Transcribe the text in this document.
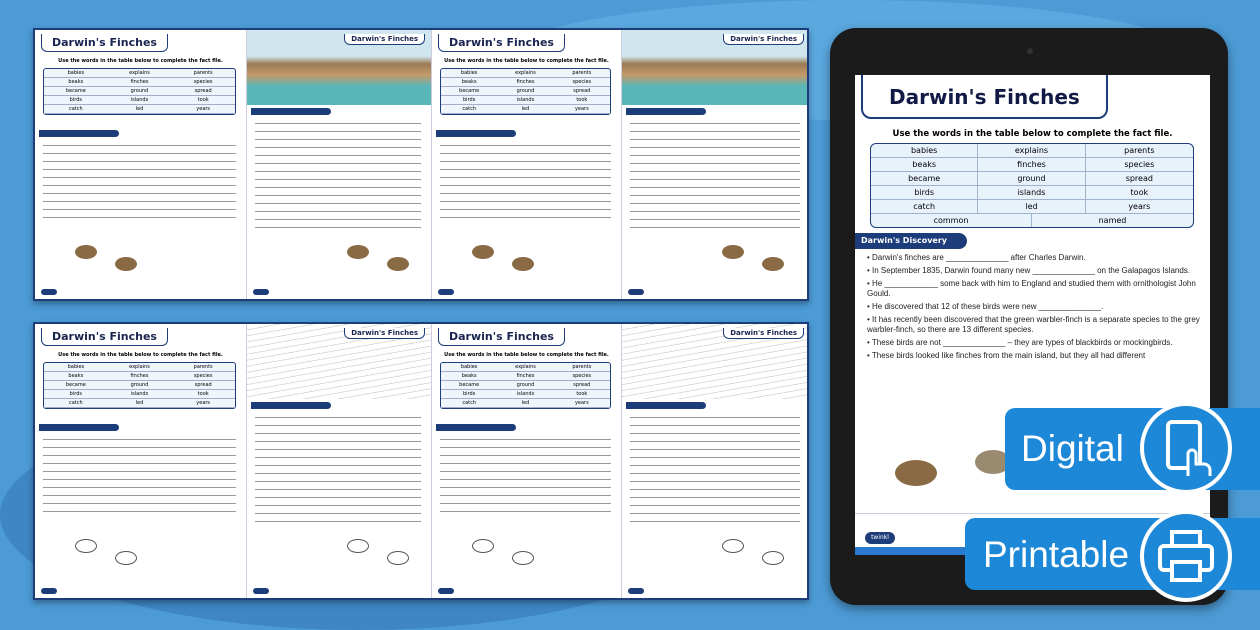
Darwin's Finches
Use the words in the table below to complete the fact file.
babies	explains	parents
beaks	finches	species
became	ground	spread
birds	islands	took
catch	led	years
Darwin's Finches	Darwin's Finches
Use the words in the table below to complete the fact file.
babies	explains	parents
beaks	finches	species
became	ground	spread
birds	islands	took
catch	led	years
Darwin's Finches
Darwin's Finches
Use the words in the table below to complete the fact file.
babies	explains	parents
beaks	finches	species
became	ground	spread
birds	islands	took
catch	led	years
Darwin's Finches	Darwin's Finches
Use the words in the table below to complete the fact file.
babies	explains	parents
beaks	finches	species
became	ground	spread
birds	islands	took
catch	led	years
Darwin's Finches
Darwin's Finches
Use the words in the table below to complete the fact file.
babies	explains	parents
beaks	finches	species
became	ground	spread
birds	islands	took
catch	led	years
common	named
Darwin's Discovery
• Darwin's finches are ______________ after Charles Darwin.
• In September 1835, Darwin found many new ______________ on the Galapagos Islands.
• He ____________ some back with him to England and studied them with ornithologist John Gould.
• He discovered that 12 of these birds were new ______________.
• It has recently been discovered that the green warbler-finch is a separate species to the grey warbler-finch, so there are 13 different species.
• These birds are not ______________ – they are types of blackbirds or mockingbirds.
• These birds looked like finches from the main island, but they all had different
twinkl
Digital
Printable
